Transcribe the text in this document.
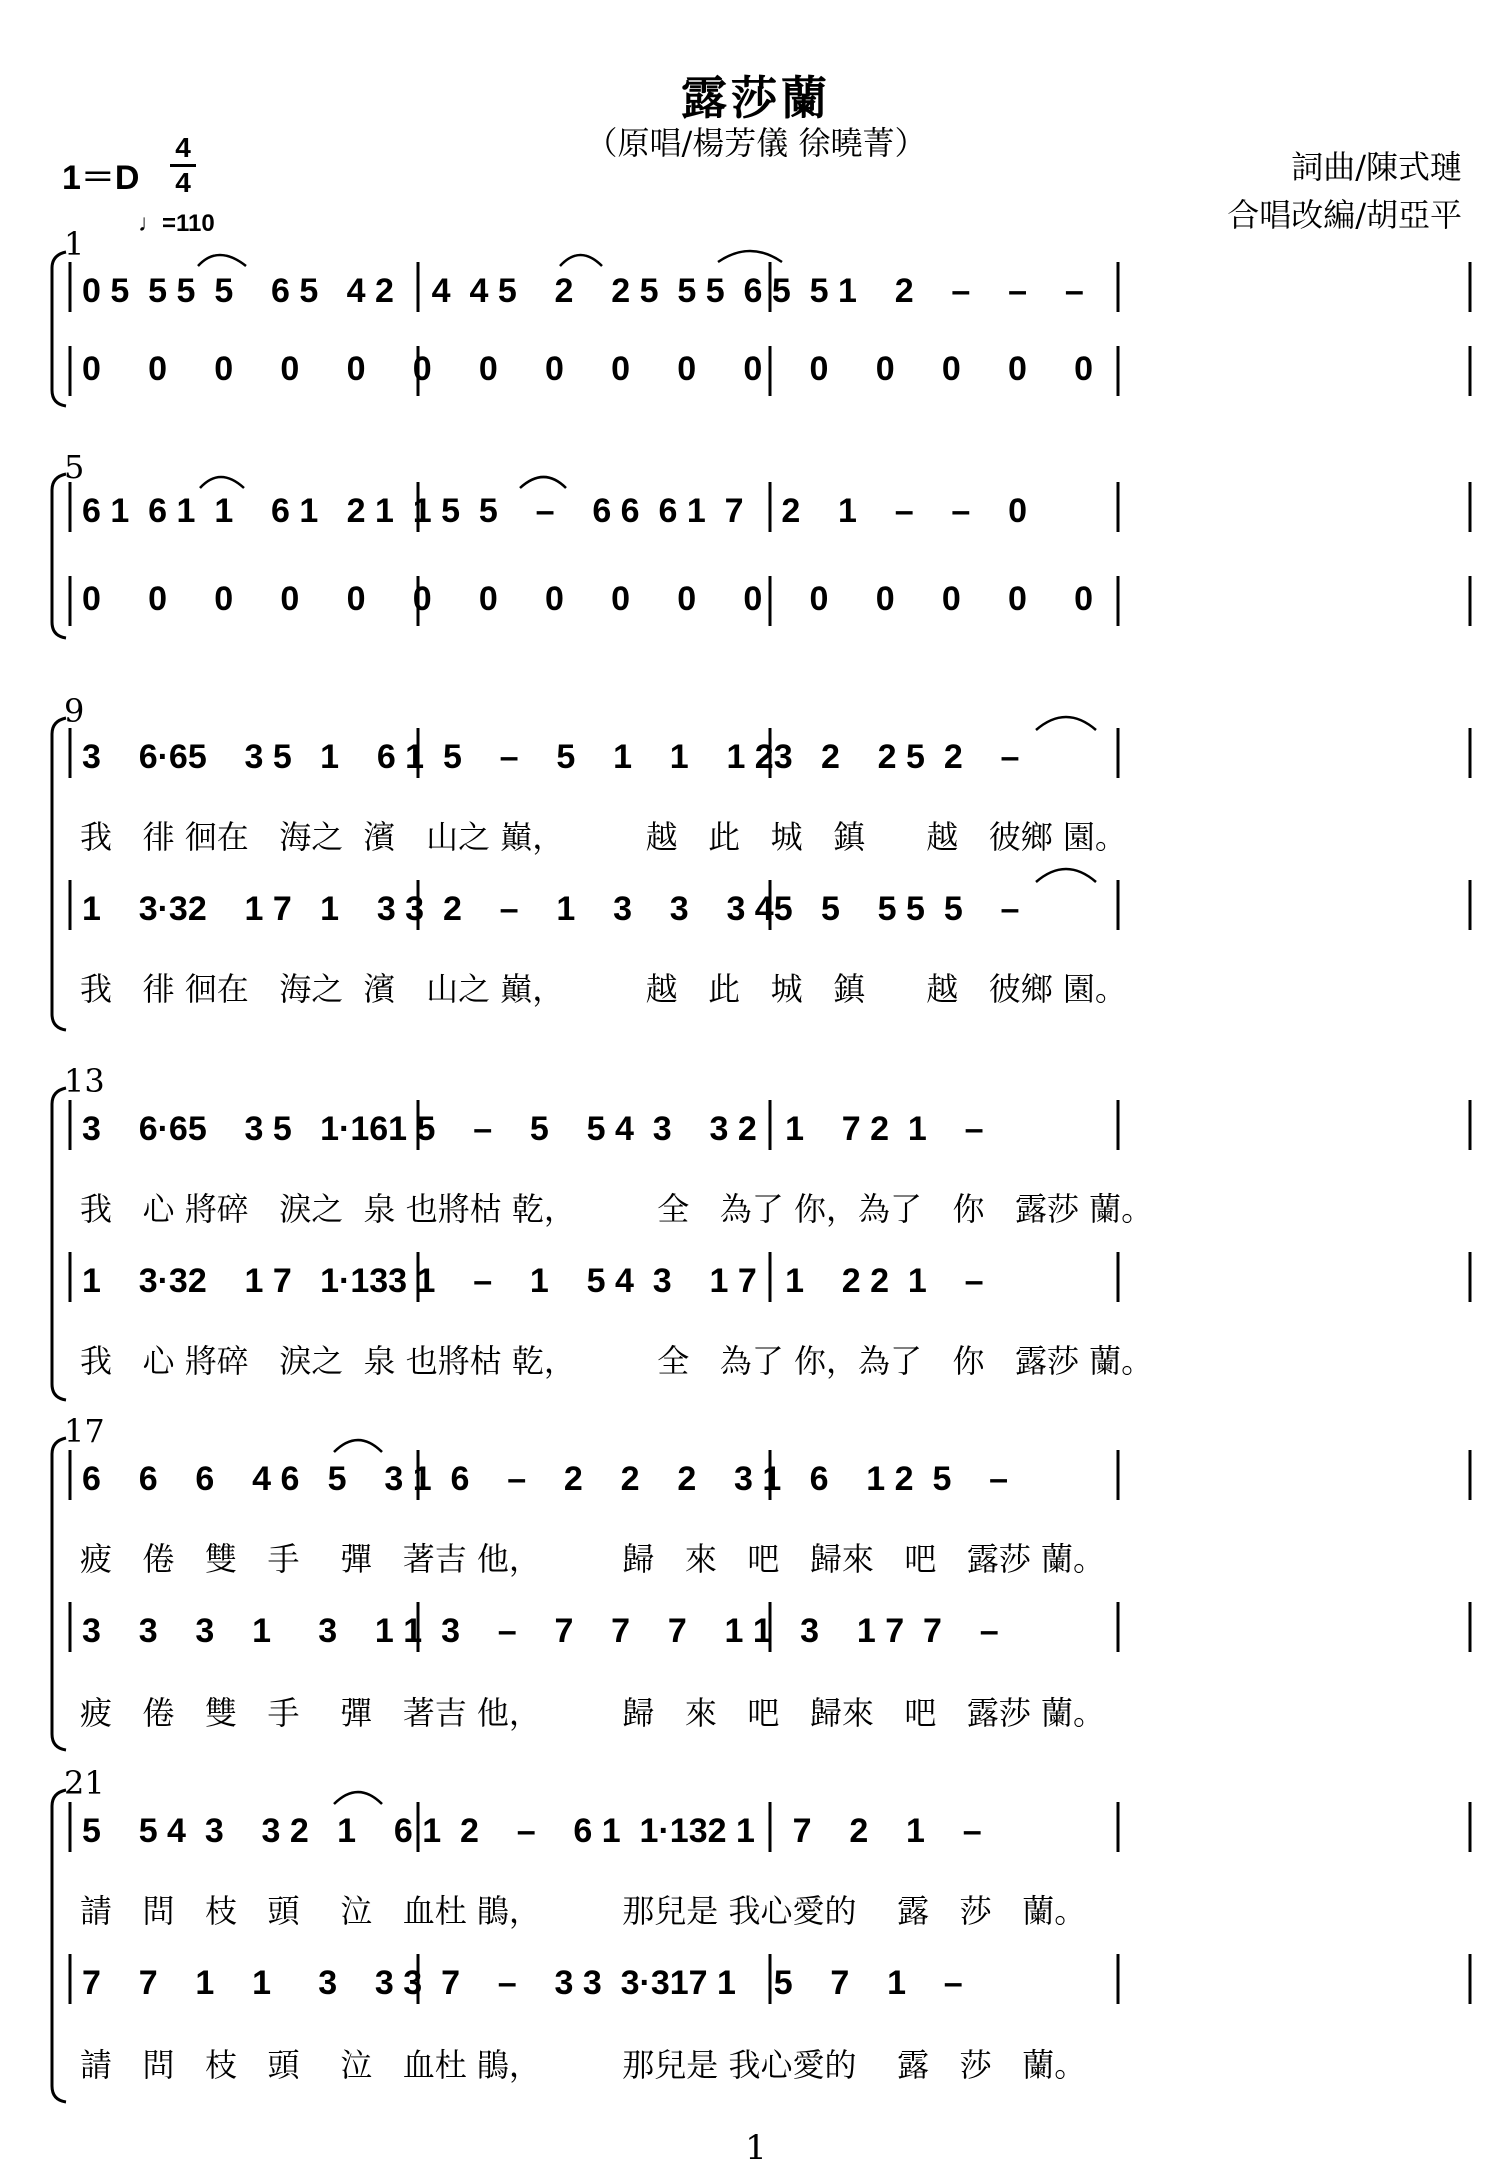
露莎蘭
（原唱/楊芳儀 徐曉菁）
詞曲/陳式璉
合唱改編/胡亞平
1＝D
4
4
♩=110
1
0 5  5 5  5    6 5   4 2    4  4 5    2    2 5  5 5  6 5  5 1    2    –    –    –
0     0     0     0     0     0     0     0     0     0     0     0     0     0     0     0
5
6 1  6 1  1    6 1   2 1  1 5  5    –    6 6  6 1  7    2    1    –    –    0
0     0     0     0     0     0     0     0     0     0     0     0     0     0     0     0
9
3    6·65    3 5   1    6 1  5    –    5    1    1    1 23   2    2 5  2    –
我   徘 徊在   海之  濱   山之 巔，        越   此   城   鎮      越   彼鄉 園。
1    3·32    1 7   1    3 3  2    –    1    3    3    3 45   5    5 5  5    –
我   徘 徊在   海之  濱   山之 巔，        越   此   城   鎮      越   彼鄉 園。
13
3    6·65    3 5   1·161 5    –    5    5 4  3    3 2   1    7 2  1    –
我   心 將碎   淚之  泉 也將枯 乾，        全   為了 你，為了   你   露莎 蘭。
1    3·32    1 7   1·133 1    –    1    5 4  3    1 7   1    2 2  1    –
我   心 將碎   淚之  泉 也將枯 乾，        全   為了 你，為了   你   露莎 蘭。
17
6    6    6    4 6   5    3 1  6    –    2    2    2    3 1   6    1 2  5    –
疲   倦   雙   手    彈   著吉 他，        歸   來   吧   歸來   吧   露莎 蘭。
3    3    3    1     3    1 1  3    –    7    7    7    1 1   3    1 7  7    –
疲   倦   雙   手    彈   著吉 他，        歸   來   吧   歸來   吧   露莎 蘭。
21
5    5 4  3    3 2   1    6 1  2    –    6 1  1·132 1    7    2    1    –
請   問   枝   頭    泣   血杜 鵑，        那兒是 我心愛的    露   莎   蘭。
7    7    1    1     3    3 3  7    –    3 3  3·317 1    5    7    1    –
請   問   枝   頭    泣   血杜 鵑，        那兒是 我心愛的    露   莎   蘭。
1
